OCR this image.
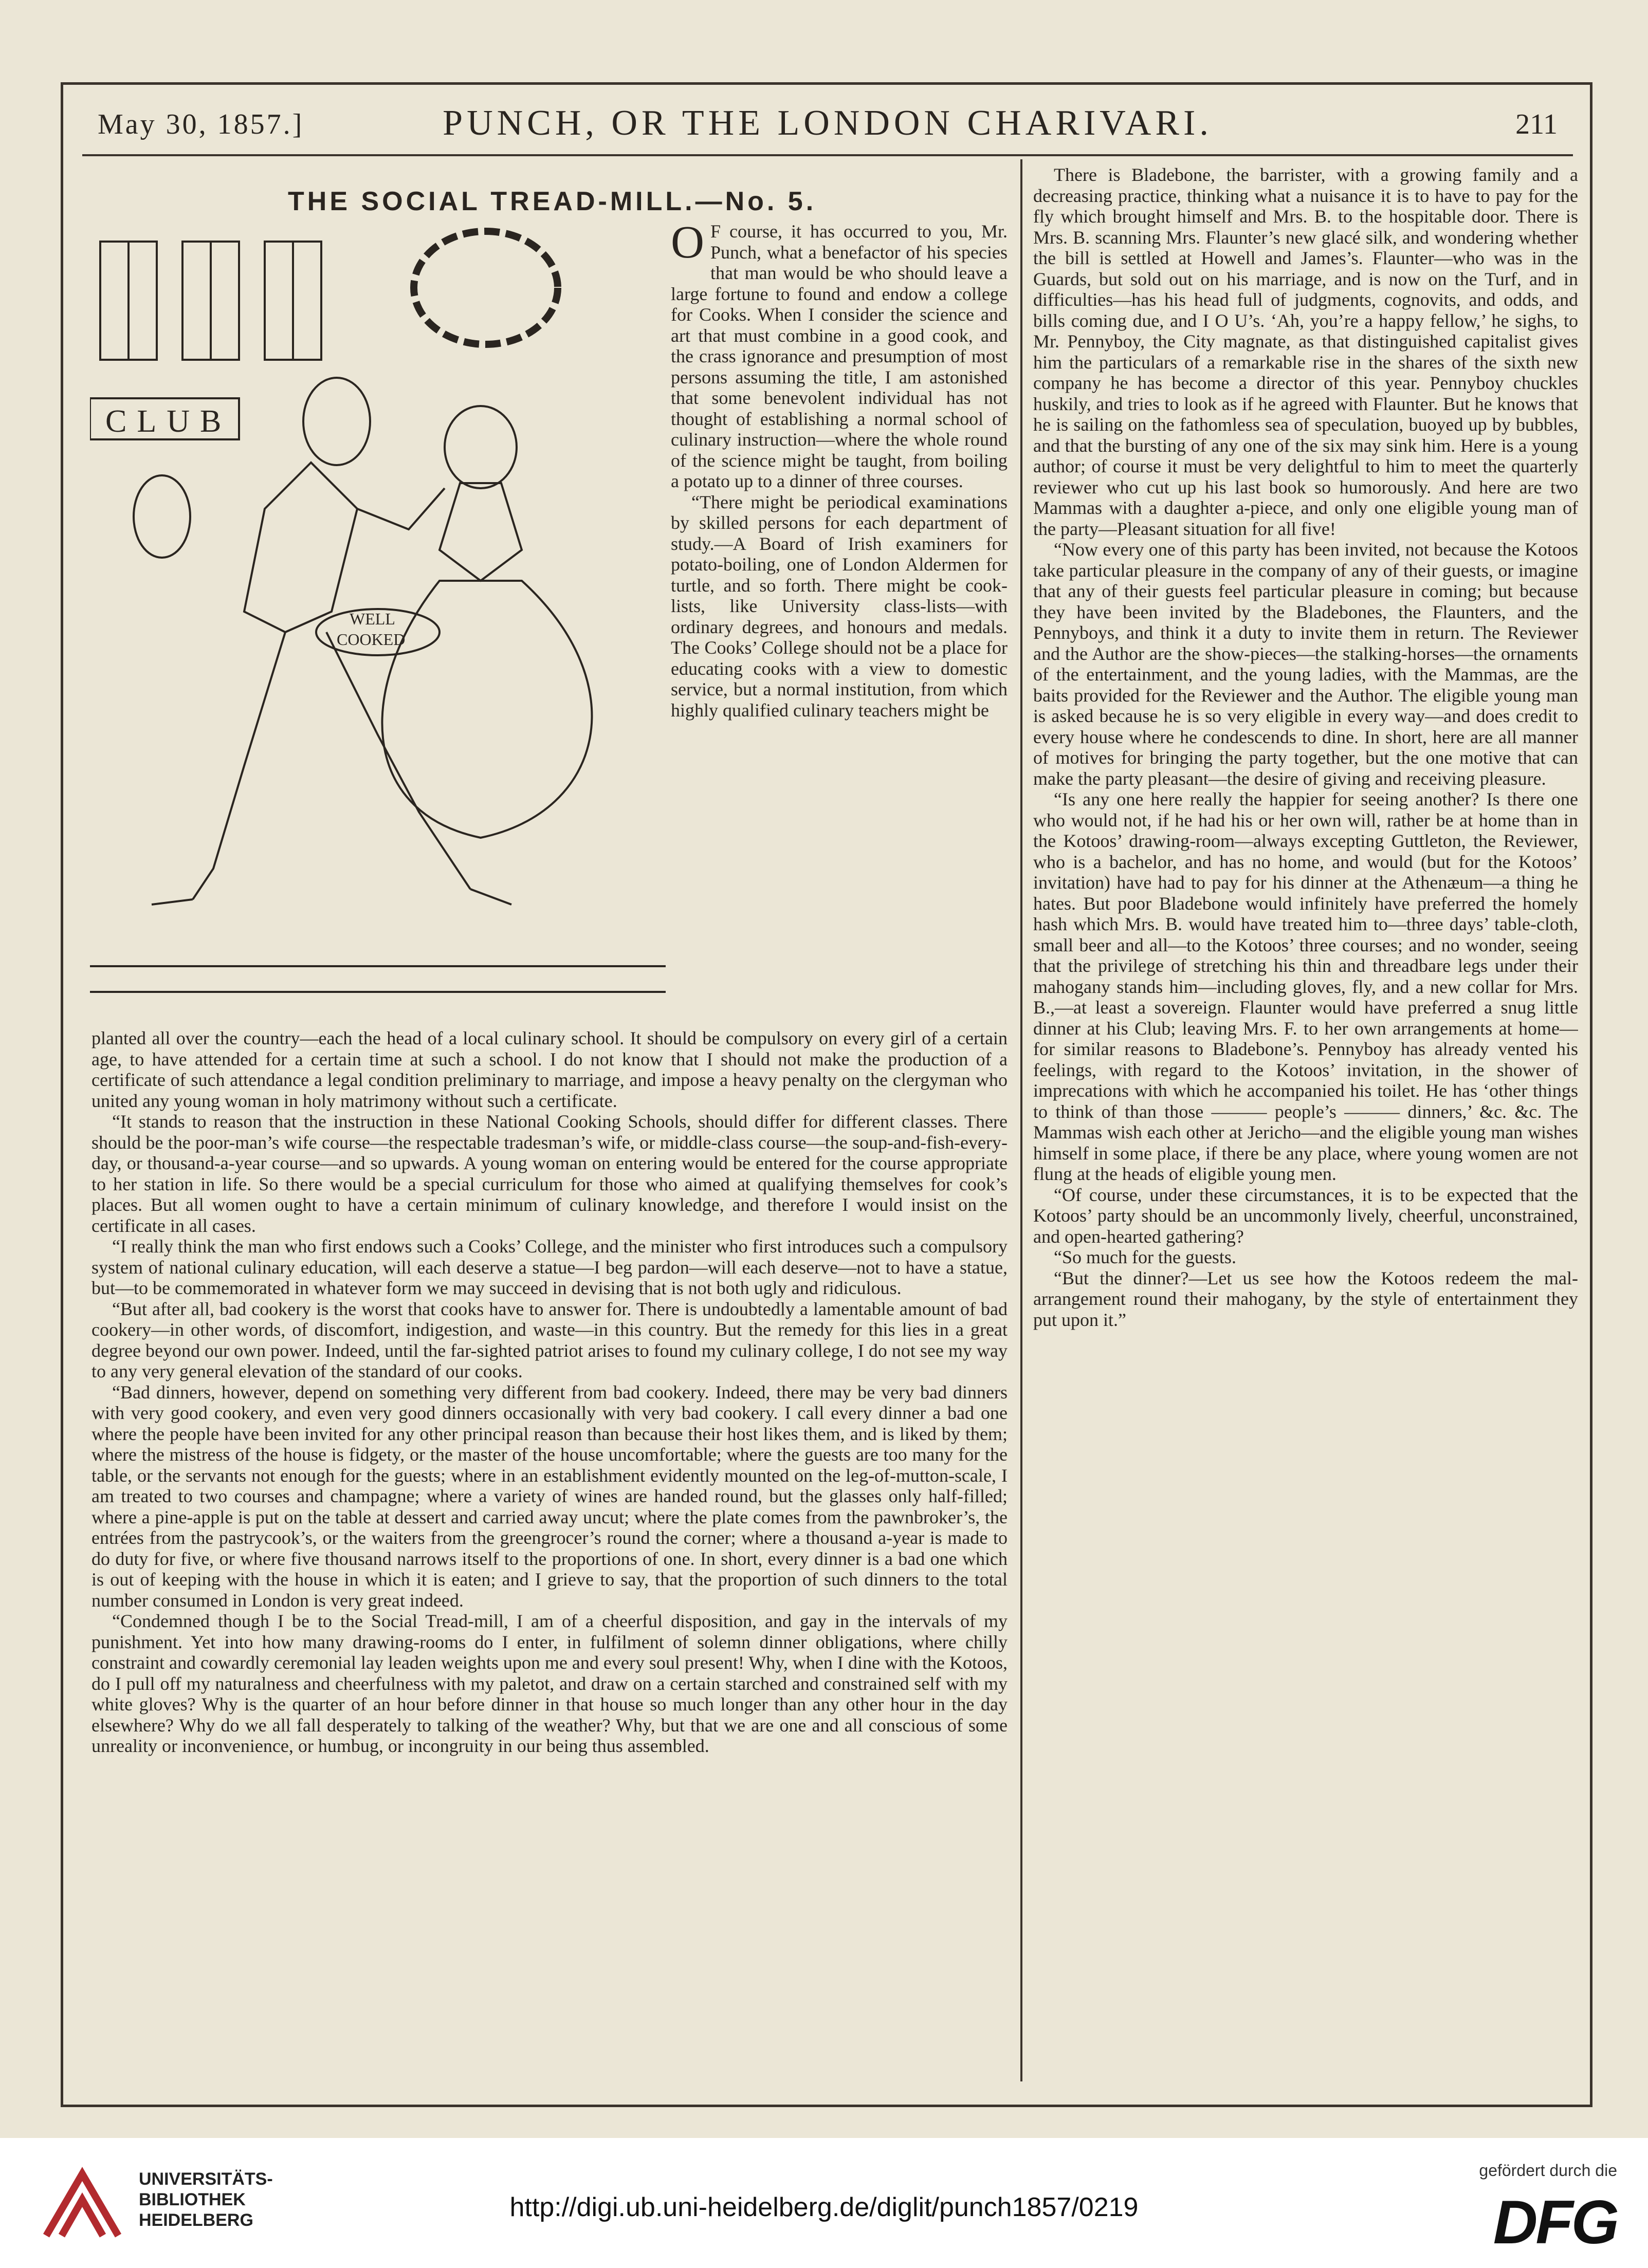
May 30, 1857.]	PUNCH, OR THE LONDON CHARIVARI.	211
THE SOCIAL TREAD-MILL.—No. 5.
CLUB
WELL
COOKED

O F course, it has occurred to you, Mr. Punch, what a benefactor of his species that man would be who should leave a large fortune to found and endow a college for Cooks. When I consider the science and art that must combine in a good cook, and the crass ignorance and presumption of most persons assuming the title, I am astonished that some benevolent individual has not thought of establishing a normal school of culinary instruction—where the whole round of the science might be taught, from boiling a potato up to a dinner of three courses.

“There might be periodical examinations by skilled persons for each department of study.—A Board of Irish examiners for potato-boiling, one of London Aldermen for turtle, and so forth. There might be cook-lists, like University class-lists—with ordinary degrees, and honours and medals. The Cooks’ College should not be a place for educating cooks with a view to domestic service, but a normal institution, from which highly qualified culinary teachers might be

planted all over the country—each the head of a local culinary school. It should be compulsory on every girl of a certain age, to have attended for a certain time at such a school. I do not know that I should not make the production of a certificate of such attendance a legal condition preliminary to marriage, and impose a heavy penalty on the clergyman who united any young woman in holy matrimony without such a certificate.

“It stands to reason that the instruction in these National Cooking Schools, should differ for different classes. There should be the poor-man’s wife course—the respectable tradesman’s wife, or middle-class course—the soup-and-fish-every-day, or thousand-a-year course—and so upwards. A young woman on entering would be entered for the course appropriate to her station in life. So there would be a special curriculum for those who aimed at qualifying themselves for cook’s places. But all women ought to have a certain minimum of culinary knowledge, and therefore I would insist on the certificate in all cases.

“I really think the man who first endows such a Cooks’ College, and the minister who first introduces such a compulsory system of national culinary education, will each deserve a statue—I beg pardon—will each deserve—not to have a statue, but—to be commemorated in whatever form we may succeed in devising that is not both ugly and ridiculous.

“But after all, bad cookery is the worst that cooks have to answer for. There is undoubtedly a lamentable amount of bad cookery—in other words, of discomfort, indigestion, and waste—in this country. But the remedy for this lies in a great degree beyond our own power. Indeed, until the far-sighted patriot arises to found my culinary college, I do not see my way to any very general elevation of the standard of our cooks.

“Bad dinners, however, depend on something very different from bad cookery. Indeed, there may be very bad dinners with very good cookery, and even very good dinners occasionally with very bad cookery. I call every dinner a bad one where the people have been invited for any other principal reason than because their host likes them, and is liked by them; where the mistress of the house is fidgety, or the master of the house uncomfortable; where the guests are too many for the table, or the servants not enough for the guests; where in an establishment evidently mounted on the leg-of-mutton-scale, I am treated to two courses and champagne; where a variety of wines are handed round, but the glasses only half-filled; where a pine-apple is put on the table at dessert and carried away uncut; where the plate comes from the pawnbroker’s, the entrées from the pastrycook’s, or the waiters from the greengrocer’s round the corner; where a thousand a-year is made to do duty for five, or where five thousand narrows itself to the proportions of one. In short, every dinner is a bad one which is out of keeping with the house in which it is eaten; and I grieve to say, that the proportion of such dinners to the total number consumed in London is very great indeed.

“Condemned though I be to the Social Tread-mill, I am of a cheerful disposition, and gay in the intervals of my punishment. Yet into how many drawing-rooms do I enter, in fulfilment of solemn dinner obligations, where chilly constraint and cowardly ceremonial lay leaden weights upon me and every soul present! Why, when I dine with the Kotoos, do I pull off my naturalness and cheerfulness with my paletot, and draw on a certain starched and constrained self with my white gloves? Why is the quarter of an hour before dinner in that house so much longer than any other hour in the day elsewhere? Why do we all fall desperately to talking of the weather? Why, but that we are one and all conscious of some unreality or inconvenience, or humbug, or incongruity in our being thus assembled.

There is Bladebone, the barrister, with a growing family and a decreasing practice, thinking what a nuisance it is to have to pay for the fly which brought himself and Mrs. B. to the hospitable door. There is Mrs. B. scanning Mrs. Flaunter’s new glacé silk, and wondering whether the bill is settled at Howell and James’s. Flaunter—who was in the Guards, but sold out on his marriage, and is now on the Turf, and in difficulties—has his head full of judgments, cognovits, and odds, and bills coming due, and I O U’s. ‘Ah, you’re a happy fellow,’ he sighs, to Mr. Pennyboy, the City magnate, as that distinguished capitalist gives him the particulars of a remarkable rise in the shares of the sixth new company he has become a director of this year. Pennyboy chuckles huskily, and tries to look as if he agreed with Flaunter. But he knows that he is sailing on the fathomless sea of speculation, buoyed up by bubbles, and that the bursting of any one of the six may sink him. Here is a young author; of course it must be very delightful to him to meet the quarterly reviewer who cut up his last book so humorously. And here are two Mammas with a daughter a-piece, and only one eligible young man of the party—Pleasant situation for all five!

“Now every one of this party has been invited, not because the Kotoos take particular pleasure in the company of any of their guests, or imagine that any of their guests feel particular pleasure in coming; but because they have been invited by the Bladebones, the Flaunters, and the Pennyboys, and think it a duty to invite them in return. The Reviewer and the Author are the show-pieces—the stalking-horses—the ornaments of the entertainment, and the young ladies, with the Mammas, are the baits provided for the Reviewer and the Author. The eligible young man is asked because he is so very eligible in every way—and does credit to every house where he condescends to dine. In short, here are all manner of motives for bringing the party together, but the one motive that can make the party pleasant—the desire of giving and receiving pleasure.

“Is any one here really the happier for seeing another? Is there one who would not, if he had his or her own will, rather be at home than in the Kotoos’ drawing-room—always excepting Guttleton, the Reviewer, who is a bachelor, and has no home, and would (but for the Kotoos’ invitation) have had to pay for his dinner at the Athenæum—a thing he hates. But poor Bladebone would infinitely have preferred the homely hash which Mrs. B. would have treated him to—three days’ table-cloth, small beer and all—to the Kotoos’ three courses; and no wonder, seeing that the privilege of stretching his thin and threadbare legs under their mahogany stands him—including gloves, fly, and a new collar for Mrs. B.,—at least a sovereign. Flaunter would have preferred a snug little dinner at his Club; leaving Mrs. F. to her own arrangements at home—for similar reasons to Bladebone’s. Pennyboy has already vented his feelings, with regard to the Kotoos’ invitation, in the shower of imprecations with which he accompanied his toilet. He has ‘other things to think of than those ——— people’s ——— dinners,’ &c. &c. The Mammas wish each other at Jericho—and the eligible young man wishes himself in some place, if there be any place, where young women are not flung at the heads of eligible young men.

“Of course, under these circumstances, it is to be expected that the Kotoos’ party should be an uncommonly lively, cheerful, unconstrained, and open-hearted gathering?

“So much for the guests.

“But the dinner?—Let us see how the Kotoos redeem the mal-arrangement round their mahogany, by the style of entertainment they put upon it.”

UNIVERSITÄTS-
BIBLIOTHEK
HEIDELBERG	http://digi.ub.uni-heidelberg.de/diglit/punch1857/0219
gefördert durch die
DFG
